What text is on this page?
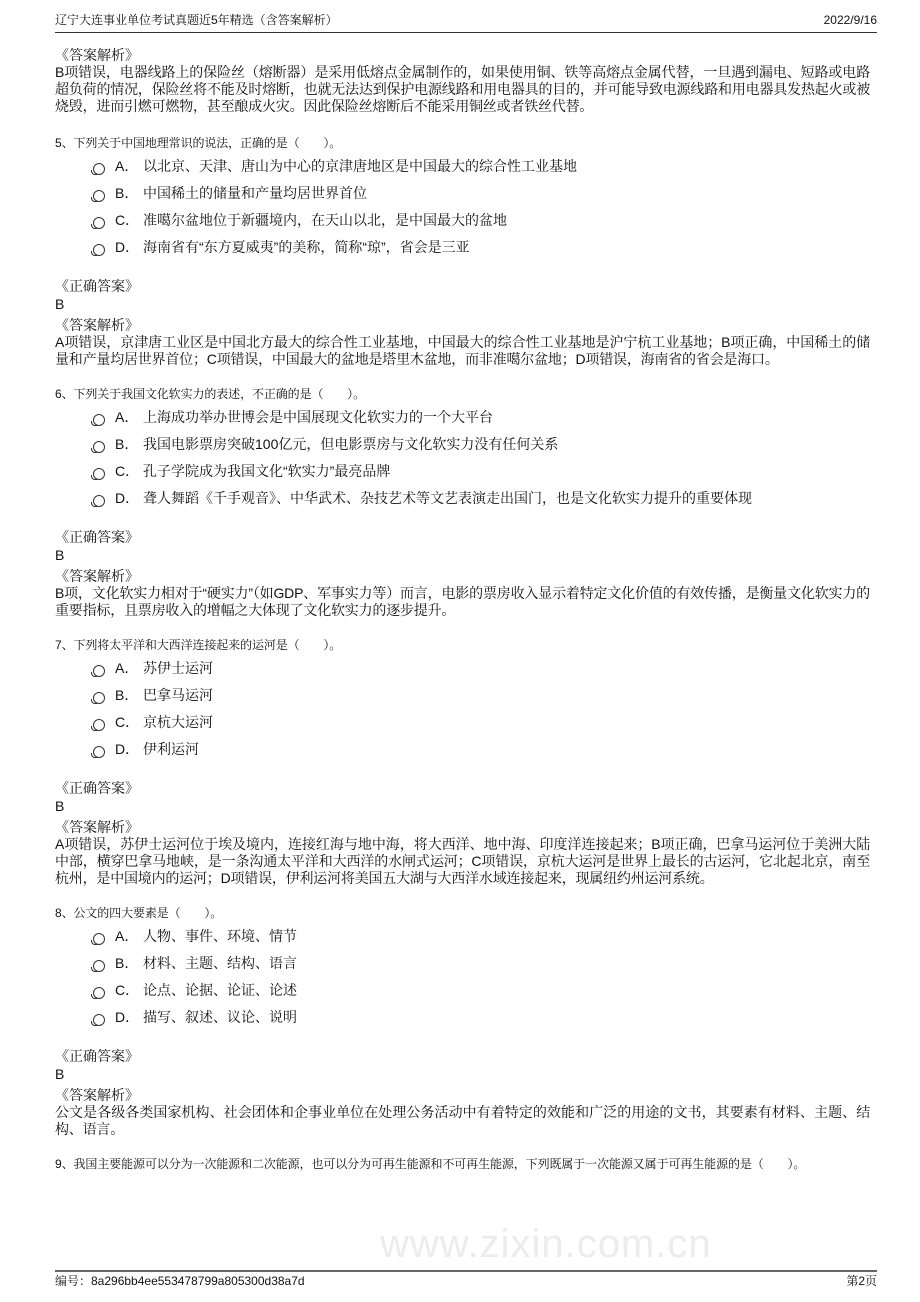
辽宁大连事业单位考试真题近5年精选（含答案解析）	2022/9/16
《答案解析》
B项错误，电器线路上的保险丝（熔断器）是采用低熔点金属制作的，如果使用铜、铁等高熔点金属代替，一旦遇到漏电、短路或电路超负荷的情况，保险丝将不能及时熔断，也就无法达到保护电源线路和用电器具的目的，并可能导致电源线路和用电器具发热起火或被烧毁，进而引燃可燃物，甚至酿成火灾。因此保险丝熔断后不能采用铜丝或者铁丝代替。
5、下列关于中国地理常识的说法，正确的是（　　）。
A． 以北京、天津、唐山为中心的京津唐地区是中国最大的综合性工业基地
B． 中国稀土的储量和产量均居世界首位
C． 准噶尔盆地位于新疆境内，在天山以北，是中国最大的盆地
D． 海南省有“东方夏威夷”的美称，简称“琼”，省会是三亚
《正确答案》
B
《答案解析》
A项错误，京津唐工业区是中国北方最大的综合性工业基地，中国最大的综合性工业基地是沪宁杭工业基地；B项正确，中国稀土的储量和产量均居世界首位；C项错误，中国最大的盆地是塔里木盆地，而非准噶尔盆地；D项错误，海南省的省会是海口。
6、下列关于我国文化软实力的表述，不正确的是（　　）。
A． 上海成功举办世博会是中国展现文化软实力的一个大平台
B． 我国电影票房突破100亿元，但电影票房与文化软实力没有任何关系
C． 孔子学院成为我国文化“软实力”最亮品牌
D． 聋人舞蹈《千手观音》、中华武术、杂技艺术等文艺表演走出国门，也是文化软实力提升的重要体现
《正确答案》
B
《答案解析》
B项，文化软实力相对于“硬实力”（如GDP、军事实力等）而言，电影的票房收入显示着特定文化价值的有效传播，是衡量文化软实力的重要指标，且票房收入的增幅之大体现了文化软实力的逐步提升。
7、下列将太平洋和大西洋连接起来的运河是（　　）。
A． 苏伊士运河
B． 巴拿马运河
C． 京杭大运河
D． 伊利运河
《正确答案》
B
《答案解析》
A项错误，苏伊士运河位于埃及境内，连接红海与地中海，将大西洋、地中海、印度洋连接起来；B项正确，巴拿马运河位于美洲大陆中部，横穿巴拿马地峡，是一条沟通太平洋和大西洋的水闸式运河；C项错误，京杭大运河是世界上最长的古运河，它北起北京，南至杭州，是中国境内的运河；D项错误，伊利运河将美国五大湖与大西洋水域连接起来，现属纽约州运河系统。
8、公文的四大要素是（　　）。
A． 人物、事件、环境、情节
B． 材料、主题、结构、语言
C． 论点、论据、论证、论述
D． 描写、叙述、议论、说明
《正确答案》
B
《答案解析》
公文是各级各类国家机构、社会团体和企事业单位在处理公务活动中有着特定的效能和广泛的用途的文书，其要素有材料、主题、结构、语言。
9、我国主要能源可以分为一次能源和二次能源，也可以分为可再生能源和不可再生能源，下列既属于一次能源又属于可再生能源的是（　　）。
www.zixin.com.cn
编号：8a296bb4ee553478799a805300d38a7d	第2页
